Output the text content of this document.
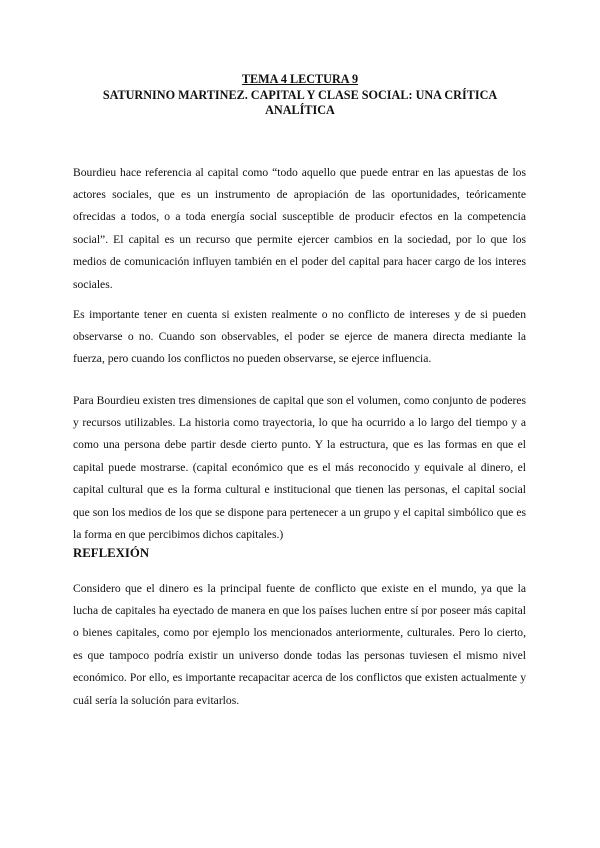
TEMA 4 LECTURA 9
SATURNINO MARTINEZ. CAPITAL Y CLASE SOCIAL: UNA CRÍTICA
ANALÍTICA

Bourdieu hace referencia al capital como “todo aquello que puede entrar en las apuestas de los actores sociales, que es un instrumento de apropiación de las oportunidades, teóricamente ofrecidas a todos, o a toda energía social susceptible de producir efectos en la competencia social”. El capital es un recurso que permite ejercer cambios en la sociedad, por lo que los medios de comunicación influyen también en el poder del capital para hacer cargo de los interes sociales.

Es importante tener en cuenta si existen realmente o no conflicto de intereses y de si pueden observarse o no. Cuando son observables, el poder se ejerce de manera directa mediante la fuerza, pero cuando los conflictos no pueden observarse, se ejerce influencia.

Para Bourdieu existen tres dimensiones de capital que son el volumen, como conjunto de poderes y recursos utilizables. La historia como trayectoria, lo que ha ocurrido a lo largo del tiempo y a como una persona debe partir desde cierto punto. Y la estructura, que es las formas en que el capital puede mostrarse. (capital económico que es el más reconocido y equivale al dinero, el capital cultural que es la forma cultural e institucional que tienen las personas, el capital social que son los medios de los que se dispone para pertenecer a un grupo y el capital simbólico que es la forma en que percibimos dichos capitales.)

REFLEXIÓN

Considero que el dinero es la principal fuente de conflicto que existe en el mundo, ya que la lucha de capitales ha eyectado de manera en que los países luchen entre sí por poseer más capital o bienes capitales, como por ejemplo los mencionados anteriormente, culturales. Pero lo cierto, es que tampoco podría existir un universo donde todas las personas tuviesen el mismo nivel económico. Por ello, es importante recapacitar acerca de los conflictos que existen actualmente y cuál sería la solución para evitarlos.
